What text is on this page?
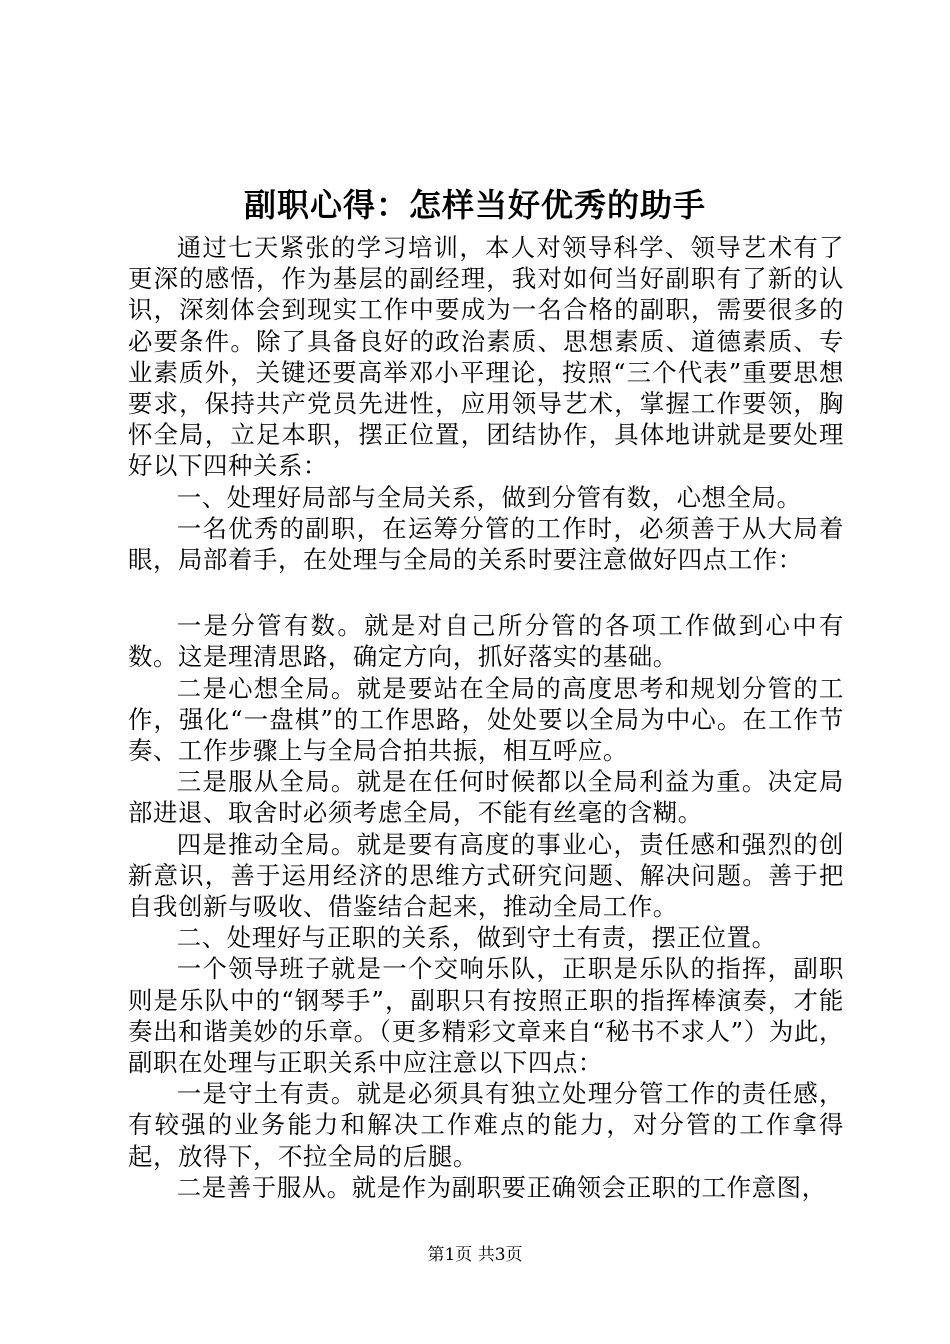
副职心得：怎样当好优秀的助手

通过七天紧张的学习培训，本人对领导科学、领导艺术有了更深的感悟，作为基层的副经理，我对如何当好副职有了新的认识，深刻体会到现实工作中要成为一名合格的副职，需要很多的必要条件。除了具备良好的政治素质、思想素质、道德素质、专业素质外，关键还要高举邓小平理论，按照“三个代表”重要思想要求，保持共产党员先进性，应用领导艺术，掌握工作要领，胸怀全局，立足本职，摆正位置，团结协作，具体地讲就是要处理好以下四种关系：

一、处理好局部与全局关系，做到分管有数，心想全局。

一名优秀的副职，在运筹分管的工作时，必须善于从大局着眼，局部着手，在处理与全局的关系时要注意做好四点工作：

一是分管有数。就是对自己所分管的各项工作做到心中有数。这是理清思路，确定方向，抓好落实的基础。

二是心想全局。就是要站在全局的高度思考和规划分管的工作，强化“一盘棋”的工作思路，处处要以全局为中心。在工作节奏、工作步骤上与全局合拍共振，相互呼应。

三是服从全局。就是在任何时候都以全局利益为重。决定局部进退、取舍时必须考虑全局，不能有丝毫的含糊。

四是推动全局。就是要有高度的事业心，责任感和强烈的创新意识，善于运用经济的思维方式研究问题、解决问题。善于把自我创新与吸收、借鉴结合起来，推动全局工作。

二、处理好与正职的关系，做到守土有责，摆正位置。

一个领导班子就是一个交响乐队，正职是乐队的指挥，副职则是乐队中的“钢琴手”，副职只有按照正职的指挥棒演奏，才能奏出和谐美妙的乐章。（更多精彩文章来自“秘书不求人”）为此，副职在处理与正职关系中应注意以下四点：

一是守土有责。就是必须具有独立处理分管工作的责任感，有较强的业务能力和解决工作难点的能力，对分管的工作拿得起，放得下，不拉全局的后腿。

二是善于服从。就是作为副职要正确领会正职的工作意图，

第1页 共3页
